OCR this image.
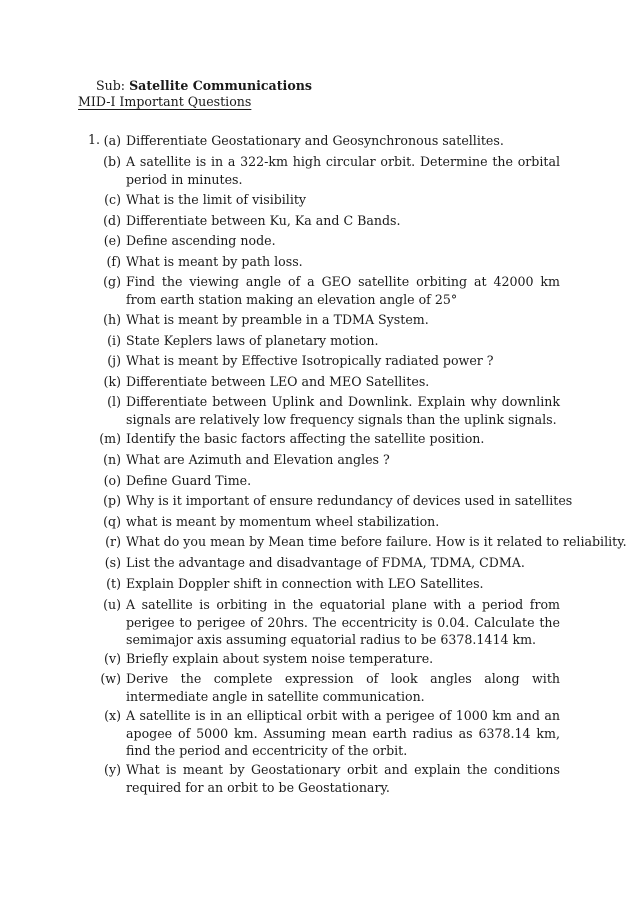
Sub: Satellite Communications
MID-I Important Questions
1. (a) Differentiate Geostationary and Geosynchronous satellites.
(b) A satellite is in a 322-km high circular orbit. Determine the orbital period in minutes.
(c) What is the limit of visibility
(d) Differentiate between Ku, Ka and C Bands.
(e) Define ascending node.
(f) What is meant by path loss.
(g) Find the viewing angle of a GEO satellite orbiting at 42000 km from earth station making an elevation angle of 25°
(h) What is meant by preamble in a TDMA System.
(i) State Keplers laws of planetary motion.
(j) What is meant by Effective Isotropically radiated power ?
(k) Differentiate between LEO and MEO Satellites.
(l) Differentiate between Uplink and Downlink. Explain why downlink signals are relatively low frequency signals than the uplink signals.
(m) Identify the basic factors affecting the satellite position.
(n) What are Azimuth and Elevation angles ?
(o) Define Guard Time.
(p) Why is it important of ensure redundancy of devices used in satellites
(q) what is meant by momentum wheel stabilization.
(r) What do you mean by Mean time before failure. How is it related to reliability.
(s) List the advantage and disadvantage of FDMA, TDMA, CDMA.
(t) Explain Doppler shift in connection with LEO Satellites.
(u) A satellite is orbiting in the equatorial plane with a period from perigee to perigee of 20hrs. The eccentricity is 0.04. Calculate the semimajor axis assuming equatorial radius to be 6378.1414 km.
(v) Briefly explain about system noise temperature.
(w) Derive the complete expression of look angles along with intermediate angle in satellite communication.
(x) A satellite is in an elliptical orbit with a perigee of 1000 km and an apogee of 5000 km. Assuming mean earth radius as 6378.14 km, find the period and eccentricity of the orbit.
(y) What is meant by Geostationary orbit and explain the conditions required for an orbit to be Geostationary.
